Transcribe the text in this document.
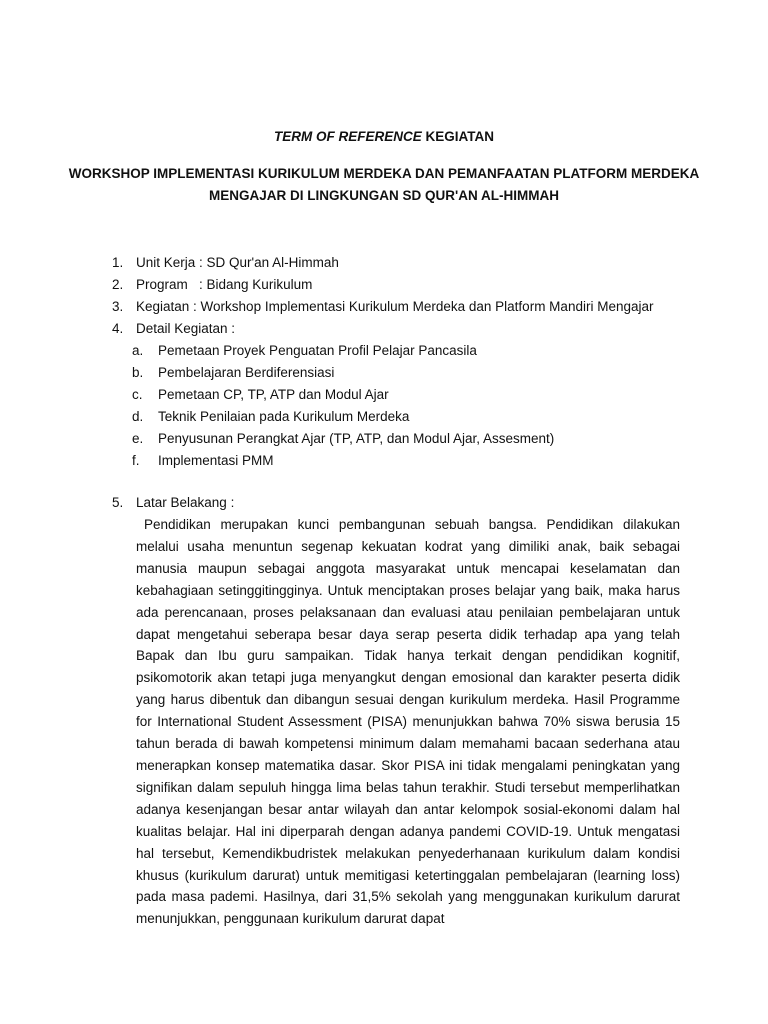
TERM OF REFERENCE KEGIATAN
WORKSHOP IMPLEMENTASI KURIKULUM MERDEKA DAN PEMANFAATAN PLATFORM MERDEKA MENGAJAR DI LINGKUNGAN SD QUR'AN AL-HIMMAH
1. Unit Kerja : SD Qur'an Al-Himmah
2. Program   : Bidang Kurikulum
3. Kegiatan : Workshop Implementasi Kurikulum Merdeka dan Platform Mandiri Mengajar
4. Detail Kegiatan :
a.	Pemetaan Proyek Penguatan Profil Pelajar Pancasila
b.	Pembelajaran Berdiferensiasi
c.	Pemetaan CP, TP, ATP dan Modul Ajar
d.	Teknik Penilaian pada Kurikulum Merdeka
e.	Penyusunan Perangkat Ajar (TP, ATP, dan Modul Ajar, Assesment)
f.	Implementasi PMM
5. Latar Belakang :
Pendidikan merupakan kunci pembangunan sebuah bangsa. Pendidikan dilakukan melalui usaha menuntun segenap kekuatan kodrat yang dimiliki anak, baik sebagai manusia maupun sebagai anggota masyarakat untuk mencapai keselamatan dan kebahagiaan setinggitingginya. Untuk menciptakan proses belajar yang baik, maka harus ada perencanaan, proses pelaksanaan dan evaluasi atau penilaian pembelajaran untuk dapat mengetahui seberapa besar daya serap peserta didik terhadap apa yang telah Bapak dan Ibu guru sampaikan. Tidak hanya terkait dengan pendidikan kognitif, psikomotorik akan tetapi juga menyangkut dengan emosional dan karakter peserta didik yang harus dibentuk dan dibangun sesuai dengan kurikulum merdeka. Hasil Programme for International Student Assessment (PISA) menunjukkan bahwa 70% siswa berusia 15 tahun berada di bawah kompetensi minimum dalam memahami bacaan sederhana atau menerapkan konsep matematika dasar. Skor PISA ini tidak mengalami peningkatan yang signifikan dalam sepuluh hingga lima belas tahun terakhir. Studi tersebut memperlihatkan adanya kesenjangan besar antar wilayah dan antar kelompok sosial-ekonomi dalam hal kualitas belajar. Hal ini diperparah dengan adanya pandemi COVID-19. Untuk mengatasi hal tersebut, Kemendikbudristek melakukan penyederhanaan kurikulum dalam kondisi khusus (kurikulum darurat) untuk memitigasi ketertinggalan pembelajaran (learning loss) pada masa pademi. Hasilnya, dari 31,5% sekolah yang menggunakan kurikulum darurat menunjukkan, penggunaan kurikulum darurat dapat
